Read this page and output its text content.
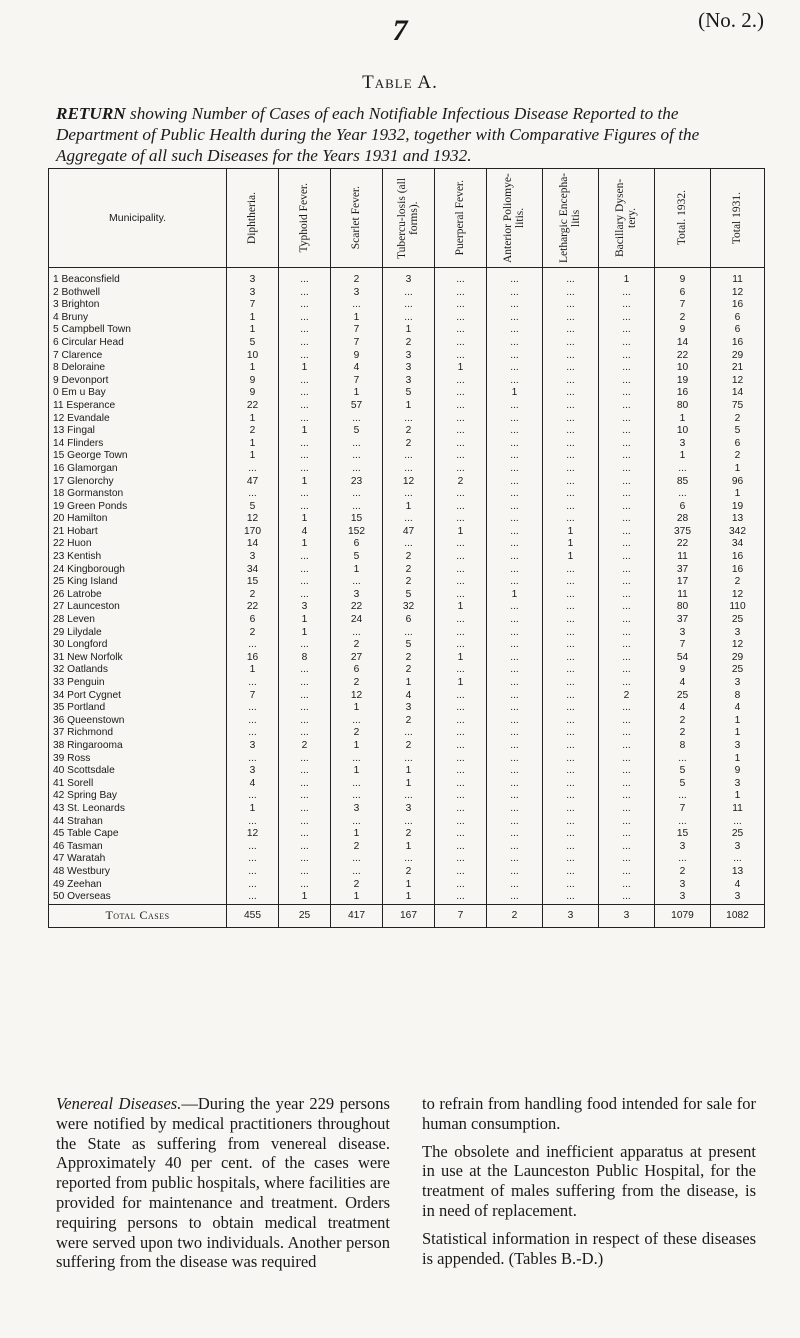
7	(No. 2.)
Table A.
RETURN showing Number of Cases of each Notifiable Infectious Disease Reported to the Department of Public Health during the Year 1932, together with Comparative Figures of the Aggregate of all such Diseases for the Years 1931 and 1932.
Municipality.	Diphtheria.	Typhoid Fever.	Scarlet Fever.	Tubercu-losis (all forms).	Puerperal Fever.	Anterior Poliomye-litis.	Lethargic Encepha-litis	Bacillary Dysen-tery.	Total. 1932.	Total 1931.

1 Beaconsfield	3	...	2	3	...	...	...	1	9	11
2 Bothwell	3	...	3	...	...	...	...	...	6	12
3 Brighton	7	...	...	...	...	...	...	...	7	16
4 Bruny	1	...	1	...	...	...	...	...	2	6
5 Campbell Town	1	...	7	1	...	...	...	...	9	6
6 Circular Head	5	...	7	2	...	...	...	...	14	16
7 Clarence	10	...	9	3	...	...	...	...	22	29
8 Deloraine	1	1	4	3	1	...	...	...	10	21
9 Devonport	9	...	7	3	...	...	...	...	19	12
0 Em u Bay	9	...	1	5	...	1	...	...	16	14
11 Esperance	22	...	57	1	...	...	...	...	80	75
12 Evandale	1	...	...	...	...	...	...	...	1	2
13 Fingal	2	1	5	2	...	...	...	...	10	5
14 Flinders	1	...	...	2	...	...	...	...	3	6
15 George Town	1	...	...	...	...	...	...	...	1	2
16 Glamorgan	...	...	...	...	...	...	...	...	...	1
17 Glenorchy	47	1	23	12	2	...	...	...	85	96
18 Gormanston	...	...	...	...	...	...	...	...	...	1
19 Green Ponds	5	...	...	1	...	...	...	...	6	19
20 Hamilton	12	1	15	...	...	...	...	...	28	13
21 Hobart	170	4	152	47	1	...	1	...	375	342
22 Huon	14	1	6	...	...	...	1	...	22	34
23 Kentish	3	...	5	2	...	...	1	...	11	16
24 Kingborough	34	...	1	2	...	...	...	...	37	16
25 King Island	15	...	...	2	...	...	...	...	17	2
26 Latrobe	2	...	3	5	...	1	...	...	11	12
27 Launceston	22	3	22	32	1	...	...	...	80	110
28 Leven	6	1	24	6	...	...	...	...	37	25
29 Lilydale	2	1	...	...	...	...	...	...	3	3
30 Longford	...	...	2	5	...	...	...	...	7	12
31 New Norfolk	16	8	27	2	1	...	...	...	54	29
32 Oatlands	1	...	6	2	...	...	...	...	9	25
33 Penguin	...	...	2	1	1	...	...	...	4	3
34 Port Cygnet	7	...	12	4	...	...	...	2	25	8
35 Portland	...	...	1	3	...	...	...	...	4	4
36 Queenstown	...	...	...	2	...	...	...	...	2	1
37 Richmond	...	...	2	...	...	...	...	...	2	1
38 Ringarooma	3	2	1	2	...	...	...	...	8	3
39 Ross	...	...	...	...	...	...	...	...	...	1
40 Scottsdale	3	...	1	1	...	...	...	...	5	9
41 Sorell	4	...	...	1	...	...	...	...	5	3
42 Spring Bay	...	...	...	...	...	...	...	...	...	1
43 St. Leonards	1	...	3	3	...	...	...	...	7	11
44 Strahan	...	...	...	...	...	...	...	...	...	...
45 Table Cape	12	...	1	2	...	...	...	...	15	25
46 Tasman	...	...	2	1	...	...	...	...	3	3
47 Waratah	...	...	...	...	...	...	...	...	...	...
48 Westbury	...	...	...	2	...	...	...	...	2	13
49 Zeehan	...	...	2	1	...	...	...	...	3	4
50 Overseas	...	1	1	1	...	...	...	...	3	3
Total Cases	455	25	417	167	7	2	3	3	1079	1082

Venereal Diseases.—During the year 229 persons were notified by medical practitioners throughout the State as suffering from venereal disease. Approximately 40 per cent. of the cases were reported from public hospitals, where facilities are provided for maintenance and treatment. Orders requiring persons to obtain medical treatment were served upon two individuals. Another person suffering from the disease was required

to refrain from handling food intended for sale for human consumption.

The obsolete and inefficient apparatus at present in use at the Launceston Public Hospital, for the treatment of males suffering from the disease, is in need of replacement.

Statistical information in respect of these diseases is appended. (Tables B.-D.)
